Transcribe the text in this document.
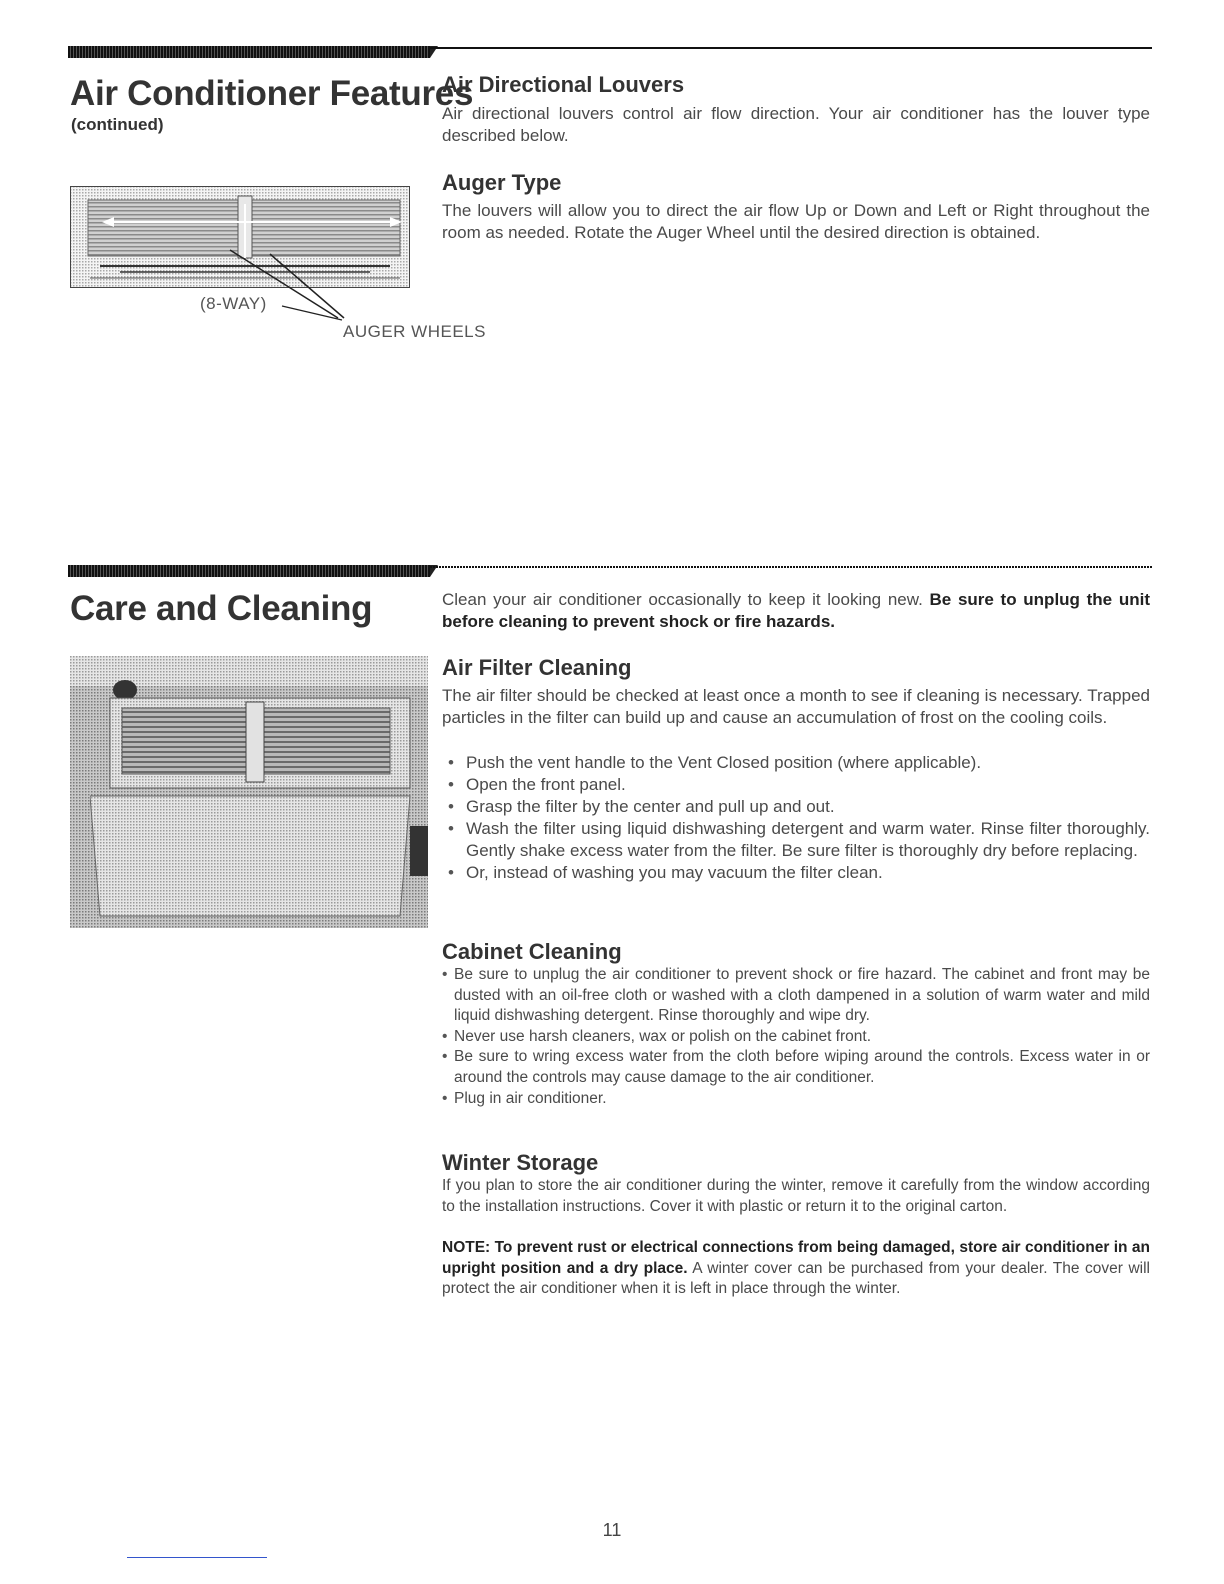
Air Conditioner Features
(continued)
Air Directional Louvers
Air directional louvers control air flow direction. Your air conditioner has the louver type described below.
Auger Type
The louvers will allow you to direct the air flow Up or Down and Left or Right throughout the room as needed. Rotate the Auger Wheel until the desired direction is obtained.
(8-WAY)
AUGER WHEELS
Care and Cleaning	Clean your air conditioner occasionally to keep it looking new. Be sure to unplug the unit before cleaning to prevent shock or fire hazards.
Air Filter Cleaning
The air filter should be checked at least once a month to see if cleaning is necessary. Trapped particles in the filter can build up and cause an accumulation of frost on the cooling coils.
• Push the vent handle to the Vent Closed position (where applicable).
• Open the front panel.
• Grasp the filter by the center and pull up and out.
• Wash the filter using liquid dishwashing detergent and warm water. Rinse filter thoroughly. Gently shake excess water from the filter. Be sure filter is thoroughly dry before replacing.
• Or, instead of washing you may vacuum the filter clean.
Cabinet Cleaning
• Be sure to unplug the air conditioner to prevent shock or fire hazard. The cabinet and front may be dusted with an oil-free cloth or washed with a cloth dampened in a solution of warm water and mild liquid dishwashing detergent. Rinse thoroughly and wipe dry.
• Never use harsh cleaners, wax or polish on the cabinet front.
• Be sure to wring excess water from the cloth before wiping around the controls. Excess water in or around the controls may cause damage to the air conditioner.
• Plug in air conditioner.
Winter Storage
If you plan to store the air conditioner during the winter, remove it carefully from the window according to the installation instructions. Cover it with plastic or return it to the original carton.
NOTE: To prevent rust or electrical connections from being damaged, store air conditioner in an upright position and a dry place. A winter cover can be purchased from your dealer. The cover will protect the air conditioner when it is left in place through the winter.
11
